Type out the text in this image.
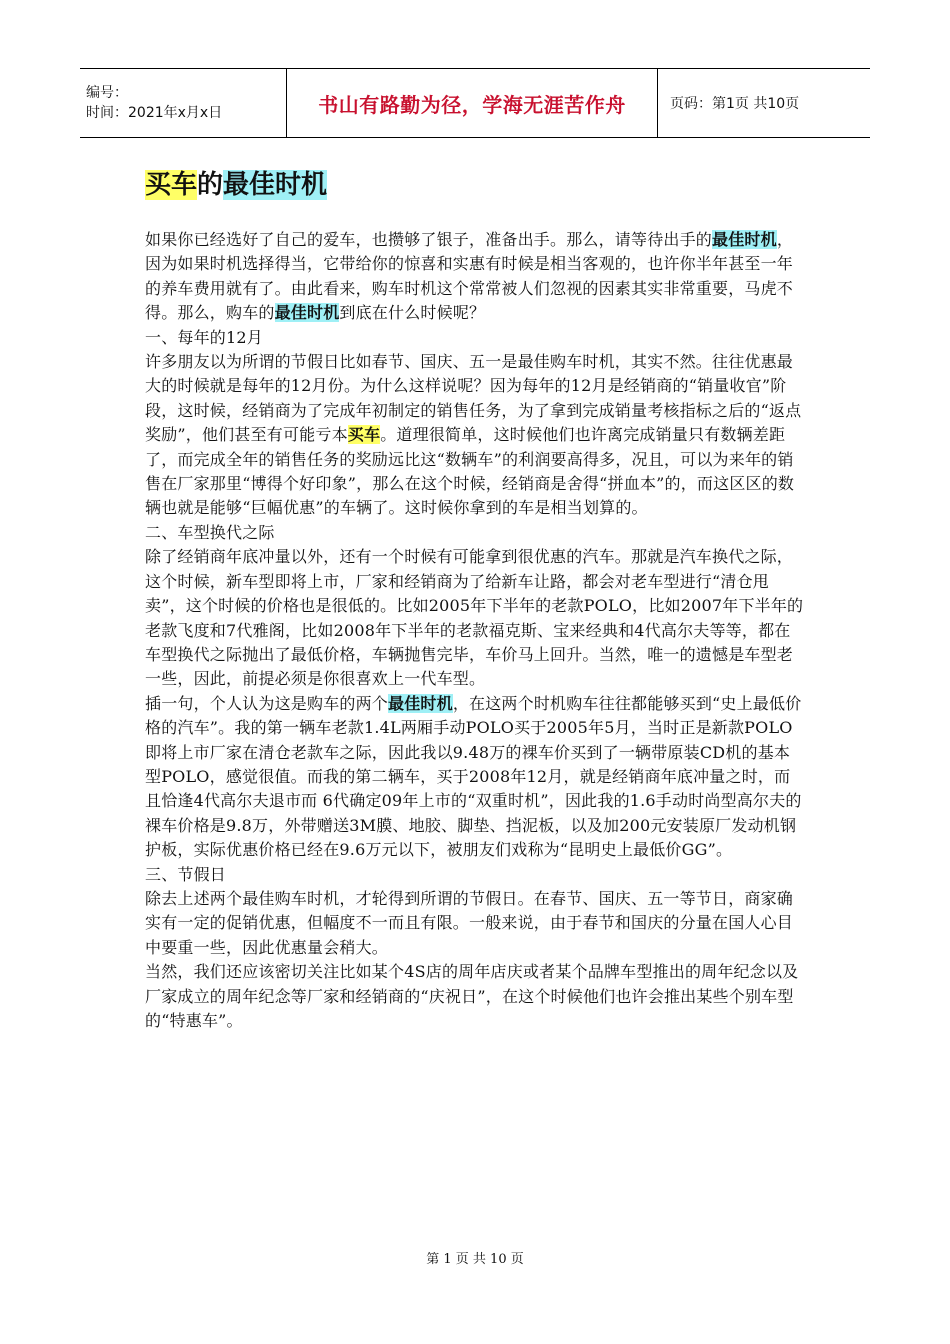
编号：
时间：2021年x月x日	书山有路勤为径，学海无涯苦作舟	页码：第1页 共10页
买车的最佳时机

如果你已经选好了自己的爱车，也攒够了银子，准备出手。那么，请等待出手的最佳时机，因为如果时机选择得当，它带给你的惊喜和实惠有时候是相当客观的，也许你半年甚至一年的养车费用就有了。由此看来，购车时机这个常常被人们忽视的因素其实非常重要，马虎不得。那么，购车的最佳时机到底在什么时候呢？

一、每年的12月

许多朋友以为所谓的节假日比如春节、国庆、五一是最佳购车时机，其实不然。往往优惠最大的时候就是每年的12月份。为什么这样说呢？因为每年的12月是经销商的“销量收官”阶段，这时候，经销商为了完成年初制定的销售任务，为了拿到完成销量考核指标之后的“返点奖励”，他们甚至有可能亏本买车。道理很简单，这时候他们也许离完成销量只有数辆差距了，而完成全年的销售任务的奖励远比这“数辆车”的利润要高得多，况且，可以为来年的销售在厂家那里“博得个好印象”，那么在这个时候，经销商是舍得“拼血本”的，而这区区的数辆也就是能够“巨幅优惠”的车辆了。这时候你拿到的车是相当划算的。

二、车型换代之际

除了经销商年底冲量以外，还有一个时候有可能拿到很优惠的汽车。那就是汽车换代之际，这个时候，新车型即将上市，厂家和经销商为了给新车让路，都会对老车型进行“清仓甩卖”，这个时候的价格也是很低的。比如2005年下半年的老款POLO，比如2007年下半年的老款飞度和7代雅阁，比如2008年下半年的老款福克斯、宝来经典和4代高尔夫等等，都在车型换代之际抛出了最低价格，车辆抛售完毕，车价马上回升。当然，唯一的遗憾是车型老一些，因此，前提必须是你很喜欢上一代车型。

插一句，个人认为这是购车的两个最佳时机，在这两个时机购车往往都能够买到“史上最低价格的汽车”。我的第一辆车老款1.4L两厢手动POLO买于2005年5月，当时正是新款POLO即将上市厂家在清仓老款车之际，因此我以9.48万的裸车价买到了一辆带原装CD机的基本型POLO，感觉很值。而我的第二辆车，买于2008年12月，就是经销商年底冲量之时，而且恰逢4代高尔夫退市而 6代确定09年上市的“双重时机”，因此我的1.6手动时尚型高尔夫的裸车价格是9.8万，外带赠送3M膜、地胶、脚垫、挡泥板，以及加200元安装原厂发动机钢护板，实际优惠价格已经在9.6万元以下，被朋友们戏称为“昆明史上最低价GG”。

三、节假日

除去上述两个最佳购车时机，才轮得到所谓的节假日。在春节、国庆、五一等节日，商家确实有一定的促销优惠，但幅度不一而且有限。一般来说，由于春节和国庆的分量在国人心目中要重一些，因此优惠量会稍大。

当然，我们还应该密切关注比如某个4S店的周年店庆或者某个品牌车型推出的周年纪念以及厂家成立的周年纪念等厂家和经销商的“庆祝日”，在这个时候他们也许会推出某些个别车型的“特惠车”。

第 1 页 共 10 页
